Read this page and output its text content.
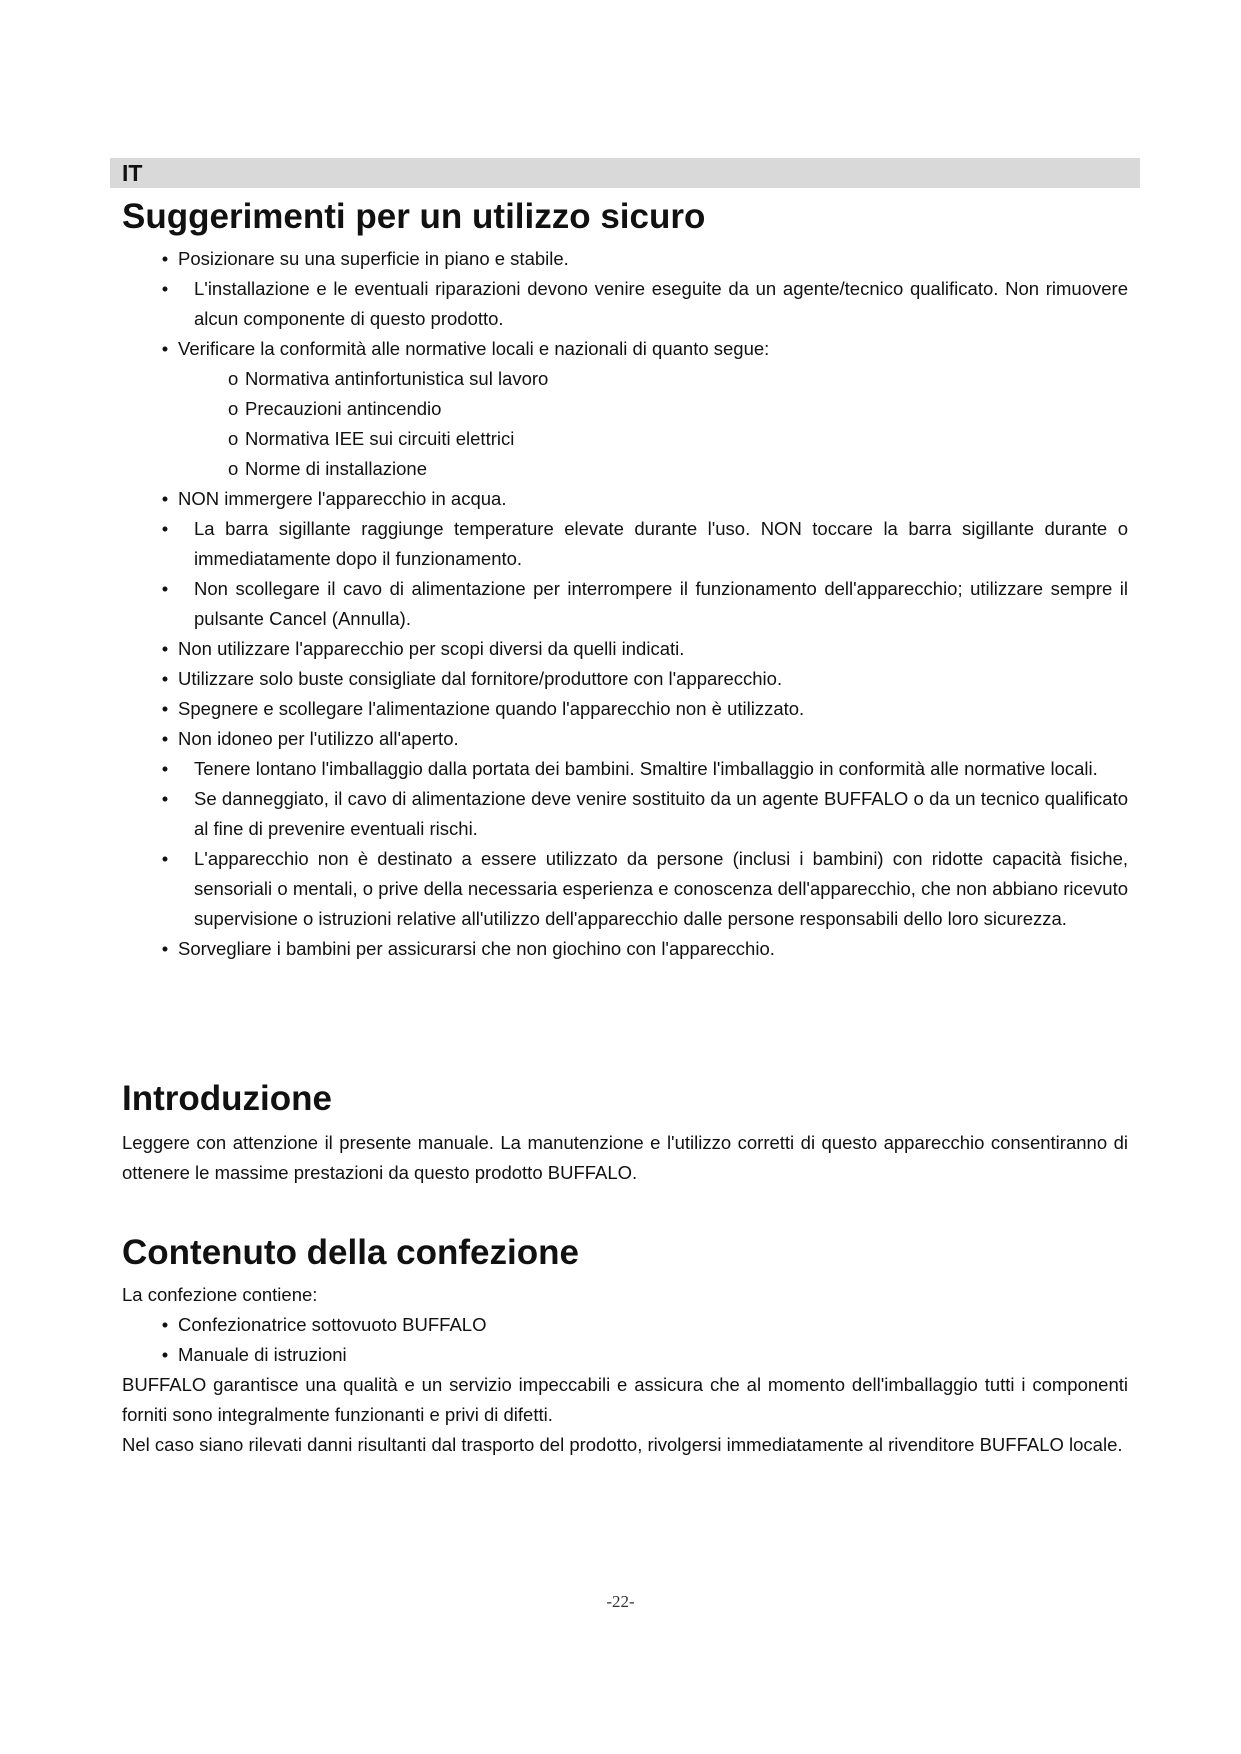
IT
Suggerimenti per un utilizzo sicuro
• Posizionare su una superficie in piano e stabile.
• L'installazione e le eventuali riparazioni devono venire eseguite da un agente/tecnico qualificato. Non rimuovere alcun componente di questo prodotto.
• Verificare la conformità alle normative locali e nazionali di quanto segue:
o Normativa antinfortunistica sul lavoro
o Precauzioni antincendio
o Normativa IEE sui circuiti elettrici
o Norme di installazione
• NON immergere l'apparecchio in acqua.
• La barra sigillante raggiunge temperature elevate durante l'uso. NON toccare la barra sigillante durante o immediatamente dopo il funzionamento.
• Non scollegare il cavo di alimentazione per interrompere il funzionamento dell'apparecchio; utilizzare sempre il pulsante Cancel (Annulla).
• Non utilizzare l'apparecchio per scopi diversi da quelli indicati.
• Utilizzare solo buste consigliate dal fornitore/produttore con l'apparecchio.
• Spegnere e scollegare l'alimentazione quando l'apparecchio non è utilizzato.
• Non idoneo per l'utilizzo all'aperto.
• Tenere lontano l'imballaggio dalla portata dei bambini. Smaltire l'imballaggio in conformità alle normative locali.
• Se danneggiato, il cavo di alimentazione deve venire sostituito da un agente BUFFALO o da un tecnico qualificato al fine di prevenire eventuali rischi.
• L'apparecchio non è destinato a essere utilizzato da persone (inclusi i bambini) con ridotte capacità fisiche, sensoriali o mentali, o prive della necessaria esperienza e conoscenza dell'apparecchio, che non abbiano ricevuto supervisione o istruzioni relative all'utilizzo dell'apparecchio dalle persone responsabili dello loro sicurezza.
• Sorvegliare i bambini per assicurarsi che non giochino con l'apparecchio.
Introduzione

Leggere con attenzione il presente manuale. La manutenzione e l'utilizzo corretti di questo apparecchio consentiranno di ottenere le massime prestazioni da questo prodotto BUFFALO.

Contenuto della confezione

La confezione contiene:

• Confezionatrice sottovuoto BUFFALO
• Manuale di istruzioni

BUFFALO garantisce una qualità e un servizio impeccabili e assicura che al momento dell'imballaggio tutti i componenti forniti sono integralmente funzionanti e privi di difetti.

Nel caso siano rilevati danni risultanti dal trasporto del prodotto, rivolgersi immediatamente al rivenditore BUFFALO locale.

-22-
